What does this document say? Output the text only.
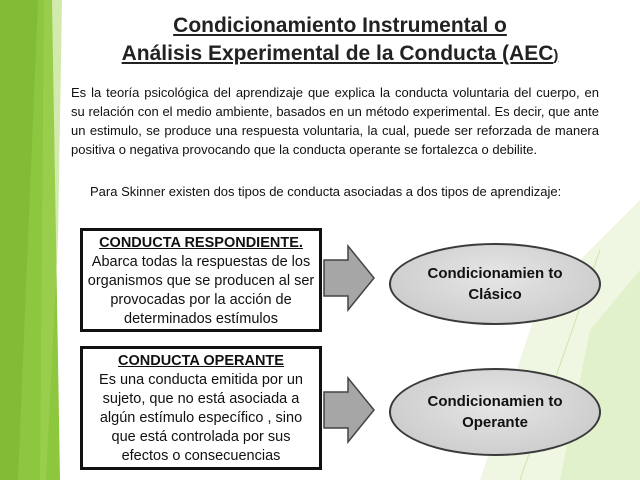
Condicionamiento Instrumental o
Análisis Experimental de la Conducta (AEC)
Es la teoría psicológica del aprendizaje que explica la conducta voluntaria del cuerpo, en su relación con el medio ambiente, basados en un método experimental. Es decir, que ante un estimulo, se produce una respuesta voluntaria, la cual, puede ser reforzada de manera positiva o negativa provocando que la conducta operante se fortalezca o debilite.
Para Skinner existen dos tipos de conducta asociadas a dos tipos de aprendizaje:
CONDUCTA RESPONDIENTE.
Abarca todas la respuestas de los organismos que se producen al ser provocadas por la acción de determinados estímulos
Condicionamien to Clásico
CONDUCTA OPERANTE
Es una conducta emitida por un sujeto, que no está asociada a algún estímulo específico , sino que está controlada por sus efectos o consecuencias
Condicionamien to Operante
